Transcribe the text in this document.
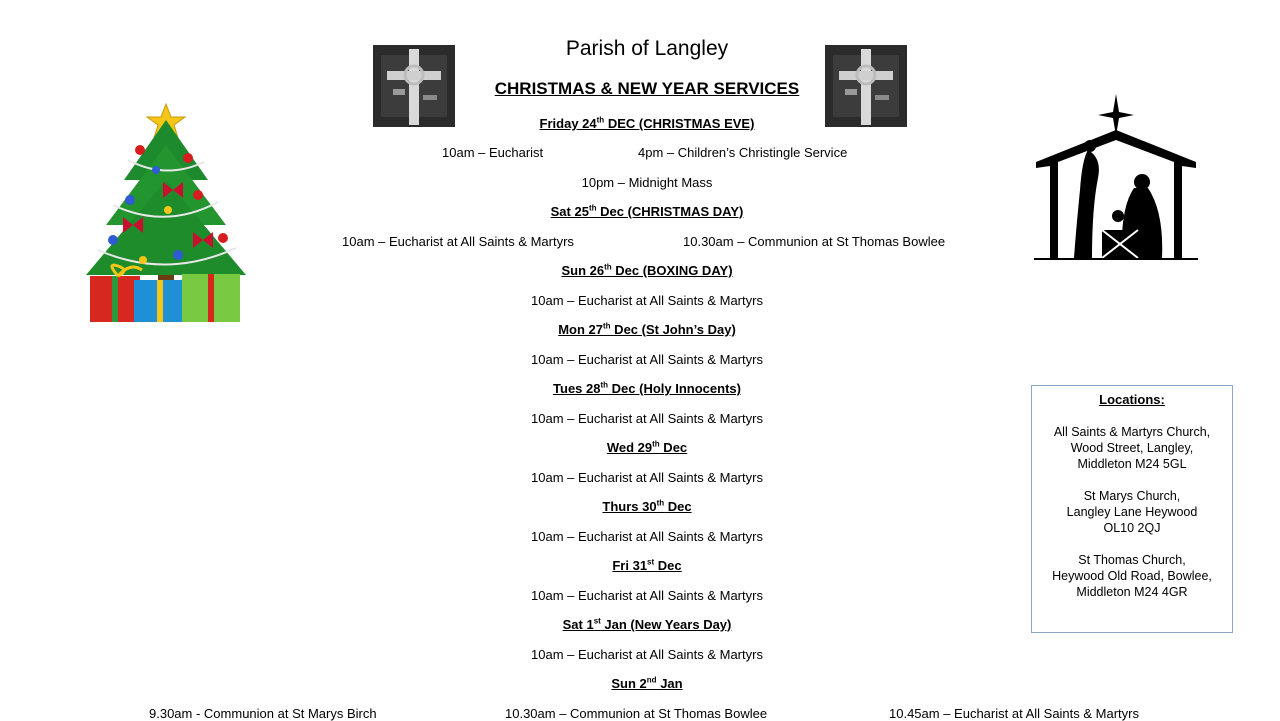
Parish of Langley
CHRISTMAS & NEW YEAR SERVICES
Friday 24th DEC (CHRISTMAS EVE)
10am – Eucharist	4pm – Children’s Christingle Service
10pm – Midnight Mass
Sat 25th Dec (CHRISTMAS DAY)
10am – Eucharist at All Saints & Martyrs	10.30am – Communion at St Thomas Bowlee
Sun 26th Dec (BOXING DAY)
10am – Eucharist at All Saints & Martyrs
Mon 27th Dec (St John’s Day)
10am – Eucharist at All Saints & Martyrs
Tues 28th Dec (Holy Innocents)
10am – Eucharist at All Saints & Martyrs
Wed 29th Dec
10am – Eucharist at All Saints & Martyrs
Thurs 30th Dec
10am – Eucharist at All Saints & Martyrs
Fri 31st Dec
10am – Eucharist at All Saints & Martyrs
Sat 1st Jan (New Years Day)
10am – Eucharist at All Saints & Martyrs
Sun 2nd Jan
9.30am - Communion at St Marys Birch	10.30am – Communion at St Thomas Bowlee	10.45am – Eucharist at All Saints & Martyrs
Locations:
All Saints & Martyrs Church,
Wood Street, Langley,
Middleton M24 5GL
St Marys Church,
Langley Lane Heywood
OL10 2QJ
St Thomas Church,
Heywood Old Road, Bowlee,
Middleton M24 4GR
